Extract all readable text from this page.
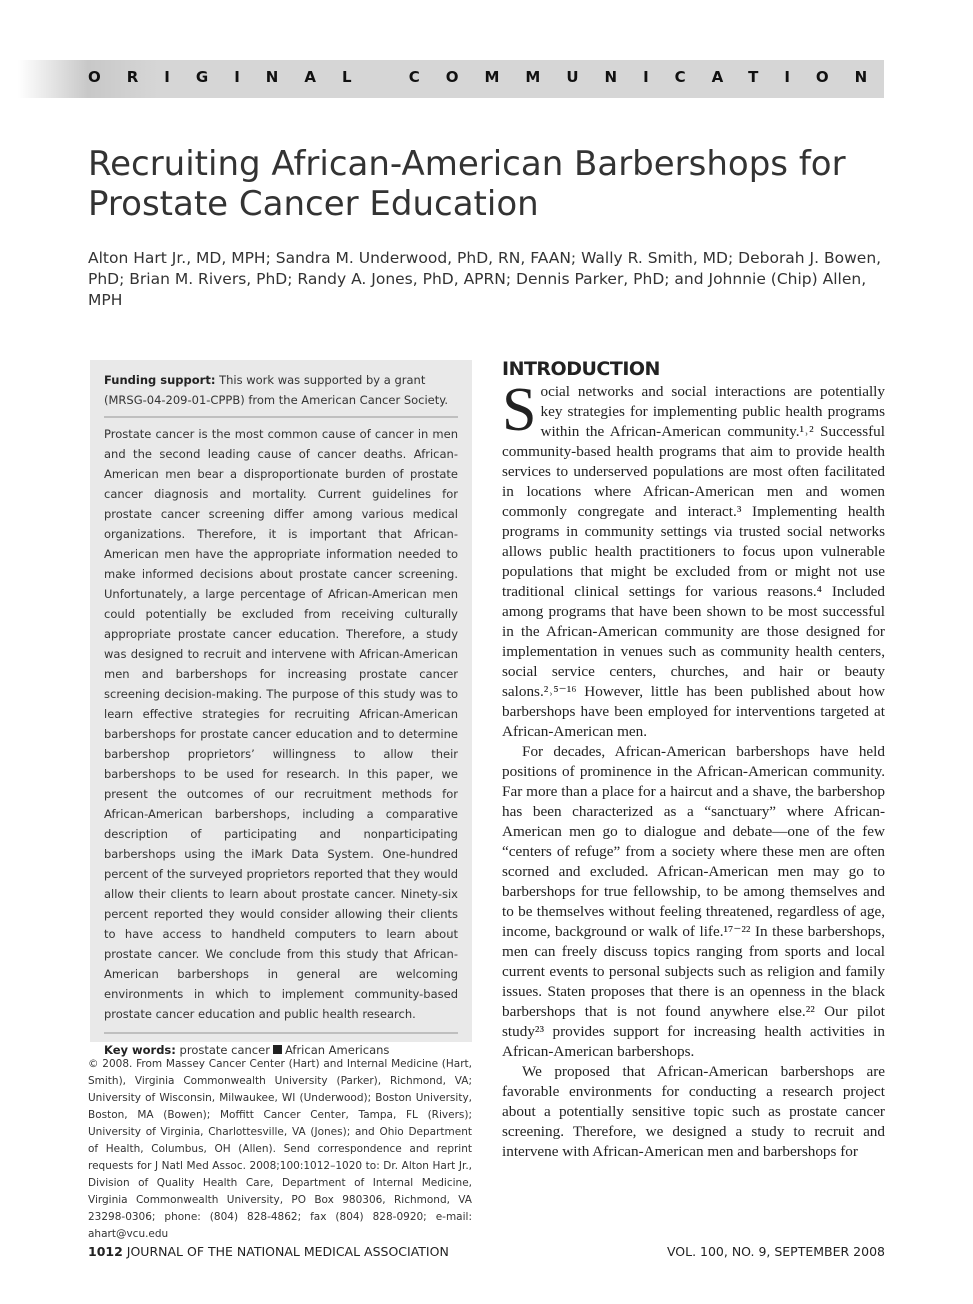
ORIGINAL COMMUNICATION
Recruiting African-American Barbershops for Prostate Cancer Education
Alton Hart Jr., MD, MPH; Sandra M. Underwood, PhD, RN, FAAN; Wally R. Smith, MD; Deborah J. Bowen, PhD; Brian M. Rivers, PhD; Randy A. Jones, PhD, APRN; Dennis Parker, PhD; and Johnnie (Chip) Allen, MPH
Funding support: This work was supported by a grant (MRSG-04-209-01-CPPB) from the American Cancer Society.
Prostate cancer is the most common cause of cancer in men and the second leading cause of cancer deaths. African-American men bear a disproportionate burden of prostate cancer diagnosis and mortality. Current guidelines for prostate cancer screening differ among various medical organizations. Therefore, it is important that African-American men have the appropriate information needed to make informed decisions about prostate cancer screening. Unfortunately, a large percentage of African-American men could potentially be excluded from receiving culturally appropriate prostate cancer education. Therefore, a study was designed to recruit and intervene with African-American men and barbershops for increasing prostate cancer screening decision-making. The purpose of this study was to learn effective strategies for recruiting African-American barbershops for prostate cancer education and to determine barbershop proprietors’ willingness to allow their barbershops to be used for research. In this paper, we present the outcomes of our recruitment methods for African-American barbershops, including a comparative description of participating and nonparticipating barbershops using the iMark Data System. One-hundred percent of the surveyed proprietors reported that they would allow their clients to learn about prostate cancer. Ninety-six percent reported they would consider allowing their clients to have access to handheld computers to learn about prostate cancer. We conclude from this study that African-American barbershops in general are welcoming environments in which to implement community-based prostate cancer education and public health research.
Key words: prostate cancer African Americans
© 2008. From Massey Cancer Center (Hart) and Internal Medicine (Hart, Smith), Virginia Commonwealth University (Parker), Richmond, VA; University of Wisconsin, Milwaukee, WI (Underwood); Boston University, Boston, MA (Bowen); Moffitt Cancer Center, Tampa, FL (Rivers); University of Virginia, Charlottesville, VA (Jones); and Ohio Department of Health, Columbus, OH (Allen). Send correspondence and reprint requests for J Natl Med Assoc. 2008;100:1012–1020 to: Dr. Alton Hart Jr., Division of Quality Health Care, Department of Internal Medicine, Virginia Commonwealth University, PO Box 980306, Richmond, VA 23298-0306; phone: (804) 828-4862; fax (804) 828-0920; e-mail: ahart@vcu.edu
INTRODUCTION

Social networks and social interactions are potentially key strategies for implementing public health programs within the African-American community.¹˒² Successful community-based health programs that aim to provide health services to underserved populations are most often facilitated in locations where African-American men and women commonly congregate and interact.³ Implementing health programs in community settings via trusted social networks allows public health practitioners to focus upon vulnerable populations that might be excluded from or might not use traditional clinical settings for various reasons.⁴ Included among programs that have been shown to be most successful in the African-American community are those designed for implementation in venues such as community health centers, social service centers, churches, and hair or beauty salons.²˒⁵⁻¹⁶ However, little has been published about how barbershops have been employed for interventions targeted at African-American men.

For decades, African-American barbershops have held positions of prominence in the African-American community. Far more than a place for a haircut and a shave, the barbershop has been characterized as a “sanctuary” where African-American men go to dialogue and debate—one of the few “centers of refuge” from a society where these men are often scorned and excluded. African-American men may go to barbershops for true fellowship, to be among themselves and to be themselves without feeling threatened, regardless of age, income, background or walk of life.¹⁷⁻²² In these barbershops, men can freely discuss topics ranging from sports and local current events to personal subjects such as religion and family issues. Staten proposes that there is an openness in the black barbershops that is not found anywhere else.²² Our pilot study²³ provides support for increasing health activities in African-American barbershops.

We proposed that African-American barbershops are favorable environments for conducting a research project about a potentially sensitive topic such as prostate cancer screening. Therefore, we designed a study to recruit and intervene with African-American men and barbershops for

1012 JOURNAL OF THE NATIONAL MEDICAL ASSOCIATION	VOL. 100, NO. 9, SEPTEMBER 2008
